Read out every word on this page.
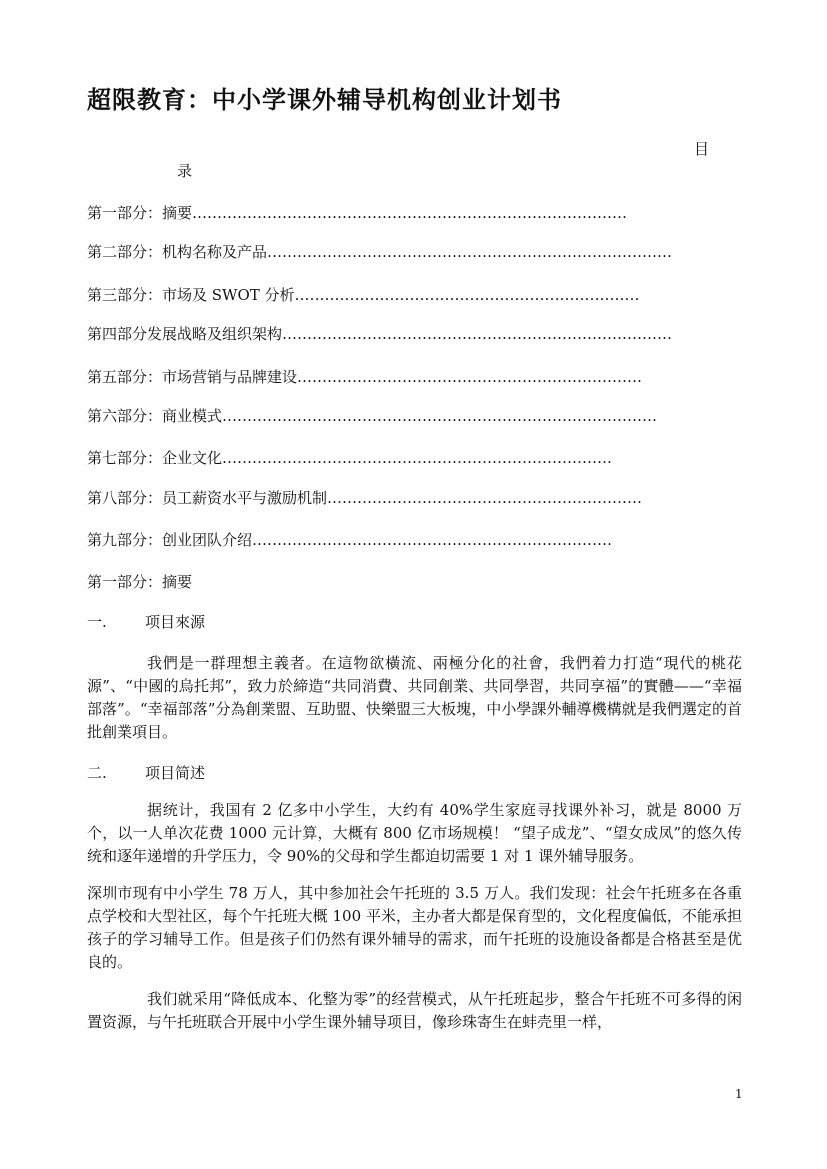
超限教育：中小学课外辅导机构创业计划书
目
录
第一部分：摘要……………………………………………………………………………
第二部分：机构名称及产品………………………………………………………………………
第三部分：市场及 SWOT 分析……………………………………………………………
第四部分发展战略及组织架构……………………………………………………………………
第五部分：市场营销与品牌建设……………………………………………………………
第六部分：商业模式……………………………………………………………………………
第七部分：企业文化……………………………………………………………………
第八部分：员工薪资水平与激励机制………………………………………………………
第九部分：创业团队介绍………………………………………………………………
第一部分：摘要
一.	项目來源
我們是一群理想主義者。在這物欲橫流、兩極分化的社會，我們着力打造“現代的桃花源”、“中國的烏托邦”，致力於締造“共同消費、共同創業、共同學習，共同享福”的實體——“幸福部落”。“幸福部落”分為創業盟、互助盟、快樂盟三大板塊，中小學課外輔導機構就是我們選定的首批創業項目。
二.	项目简述
据统计，我国有 2 亿多中小学生，大约有 40%学生家庭寻找课外补习，就是 8000 万个，以一人单次花费 1000 元计算，大概有 800 亿市场规模！ “望子成龙”、“望女成凤”的悠久传统和逐年递增的升学压力，令 90%的父母和学生都迫切需要 1 对 1 课外辅导服务。
深圳市现有中小学生 78 万人，其中参加社会午托班的 3.5 万人。我们发现：社会午托班多在各重点学校和大型社区，每个午托班大概 100 平米，主办者大都是保育型的，文化程度偏低，不能承担孩子的学习辅导工作。但是孩子们仍然有课外辅导的需求，而午托班的设施设备都是合格甚至是优良的。
我们就采用“降低成本、化整为零”的经营模式，从午托班起步，整合午托班不可多得的闲置资源，与午托班联合开展中小学生课外辅导项目，像珍珠寄生在蚌壳里一样，
1
